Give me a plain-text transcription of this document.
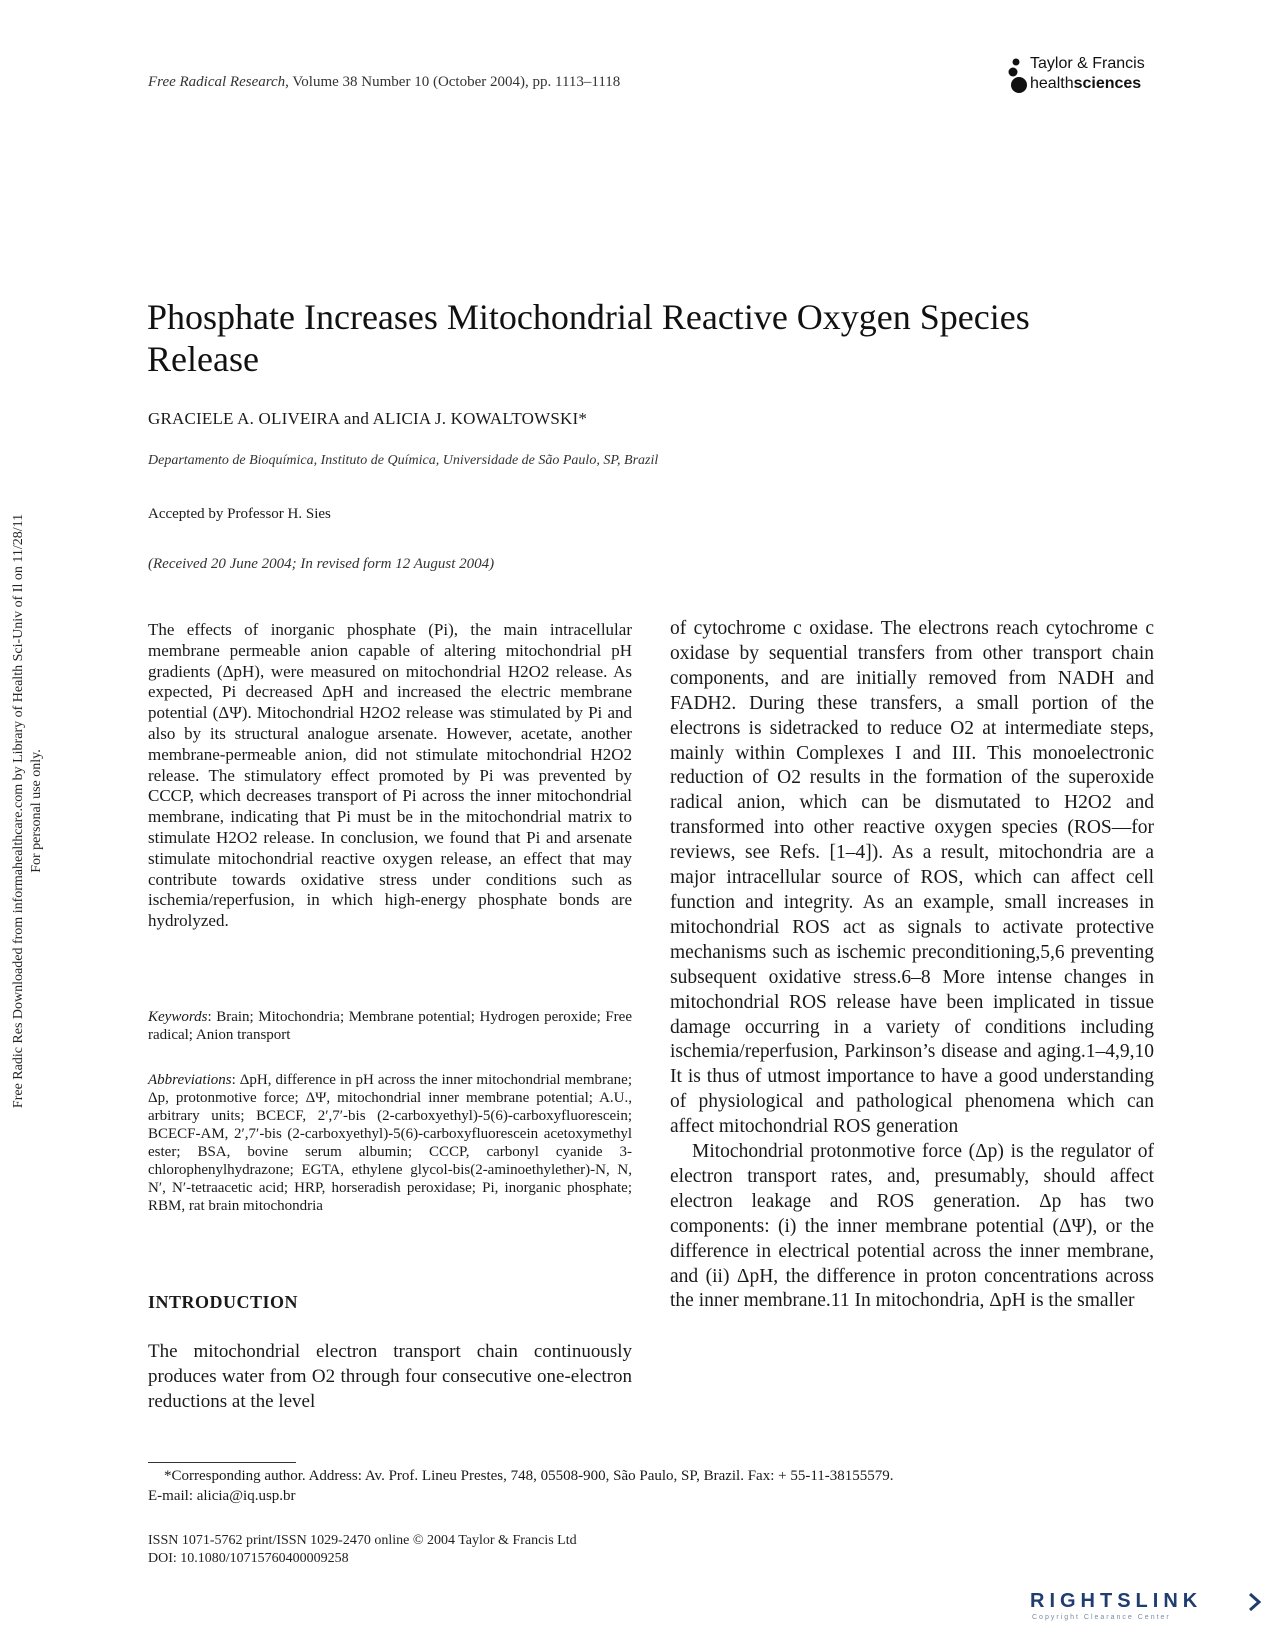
Free Radic Res Downloaded from informahealthcare.com by Library of Health Sci-Univ of Il on 11/28/11 For personal use only.
Free Radical Research, Volume 38 Number 10 (October 2004), pp. 1113–1118
Taylor & Francis
healthsciences
Phosphate Increases Mitochondrial Reactive Oxygen Species Release
GRACIELE A. OLIVEIRA and ALICIA J. KOWALTOWSKI*
Departamento de Bioquímica, Instituto de Química, Universidade de São Paulo, SP, Brazil
Accepted by Professor H. Sies
(Received 20 June 2004; In revised form 12 August 2004)
The effects of inorganic phosphate (Pi), the main intracellular membrane permeable anion capable of altering mitochondrial pH gradients (ΔpH), were measured on mitochondrial H2O2 release. As expected, Pi decreased ΔpH and increased the electric membrane potential (ΔΨ). Mitochondrial H2O2 release was stimulated by Pi and also by its structural analogue arsenate. However, acetate, another membrane-permeable anion, did not stimulate mitochondrial H2O2 release. The stimulatory effect promoted by Pi was prevented by CCCP, which decreases transport of Pi across the inner mitochondrial membrane, indicating that Pi must be in the mitochondrial matrix to stimulate H2O2 release. In conclusion, we found that Pi and arsenate stimulate mitochondrial reactive oxygen release, an effect that may contribute towards oxidative stress under conditions such as ischemia/reperfusion, in which high-energy phosphate bonds are hydrolyzed.
Keywords: Brain; Mitochondria; Membrane potential; Hydrogen peroxide; Free radical; Anion transport
Abbreviations: ΔpH, difference in pH across the inner mitochondrial membrane; Δp, protonmotive force; ΔΨ, mitochondrial inner membrane potential; A.U., arbitrary units; BCECF, 2′,7′-bis (2-carboxyethyl)-5(6)-carboxyfluorescein; BCECF-AM, 2′,7′-bis (2-carboxyethyl)-5(6)-carboxyfluorescein acetoxymethyl ester; BSA, bovine serum albumin; CCCP, carbonyl cyanide 3-chlorophenylhydrazone; EGTA, ethylene glycol-bis(2-aminoethylether)-N, N, N′, N′-tetraacetic acid; HRP, horseradish peroxidase; Pi, inorganic phosphate; RBM, rat brain mitochondria
INTRODUCTION
The mitochondrial electron transport chain continuously produces water from O2 through four consecutive one-electron reductions at the level

of cytochrome c oxidase. The electrons reach cytochrome c oxidase by sequential transfers from other transport chain components, and are initially removed from NADH and FADH2. During these transfers, a small portion of the electrons is sidetracked to reduce O2 at intermediate steps, mainly within Complexes I and III. This monoelectronic reduction of O2 results in the formation of the superoxide radical anion, which can be dismutated to H2O2 and transformed into other reactive oxygen species (ROS—for reviews, see Refs. [1–4]). As a result, mitochondria are a major intracellular source of ROS, which can affect cell function and integrity. As an example, small increases in mitochondrial ROS act as signals to activate protective mechanisms such as ischemic preconditioning,5,6 preventing subsequent oxidative stress.6–8 More intense changes in mitochondrial ROS release have been implicated in tissue damage occurring in a variety of conditions including ischemia/reperfusion, Parkinson’s disease and aging.1–4,9,10 It is thus of utmost importance to have a good understanding of physiological and pathological phenomena which can affect mitochondrial ROS generation

Mitochondrial protonmotive force (Δp) is the regulator of electron transport rates, and, presumably, should affect electron leakage and ROS generation. Δp has two components: (i) the inner membrane potential (ΔΨ), or the difference in electrical potential across the inner membrane, and (ii) ΔpH, the difference in proton concentrations across the inner membrane.11 In mitochondria, ΔpH is the smaller

*Corresponding author. Address: Av. Prof. Lineu Prestes, 748, 05508-900, São Paulo, SP, Brazil. Fax: + 55-11-38155579.
E-mail: alicia@iq.usp.br
ISSN 1071-5762 print/ISSN 1029-2470 online © 2004 Taylor & Francis Ltd
DOI: 10.1080/10715760400009258
RIGHTSLINK
Copyright Clearance Center
